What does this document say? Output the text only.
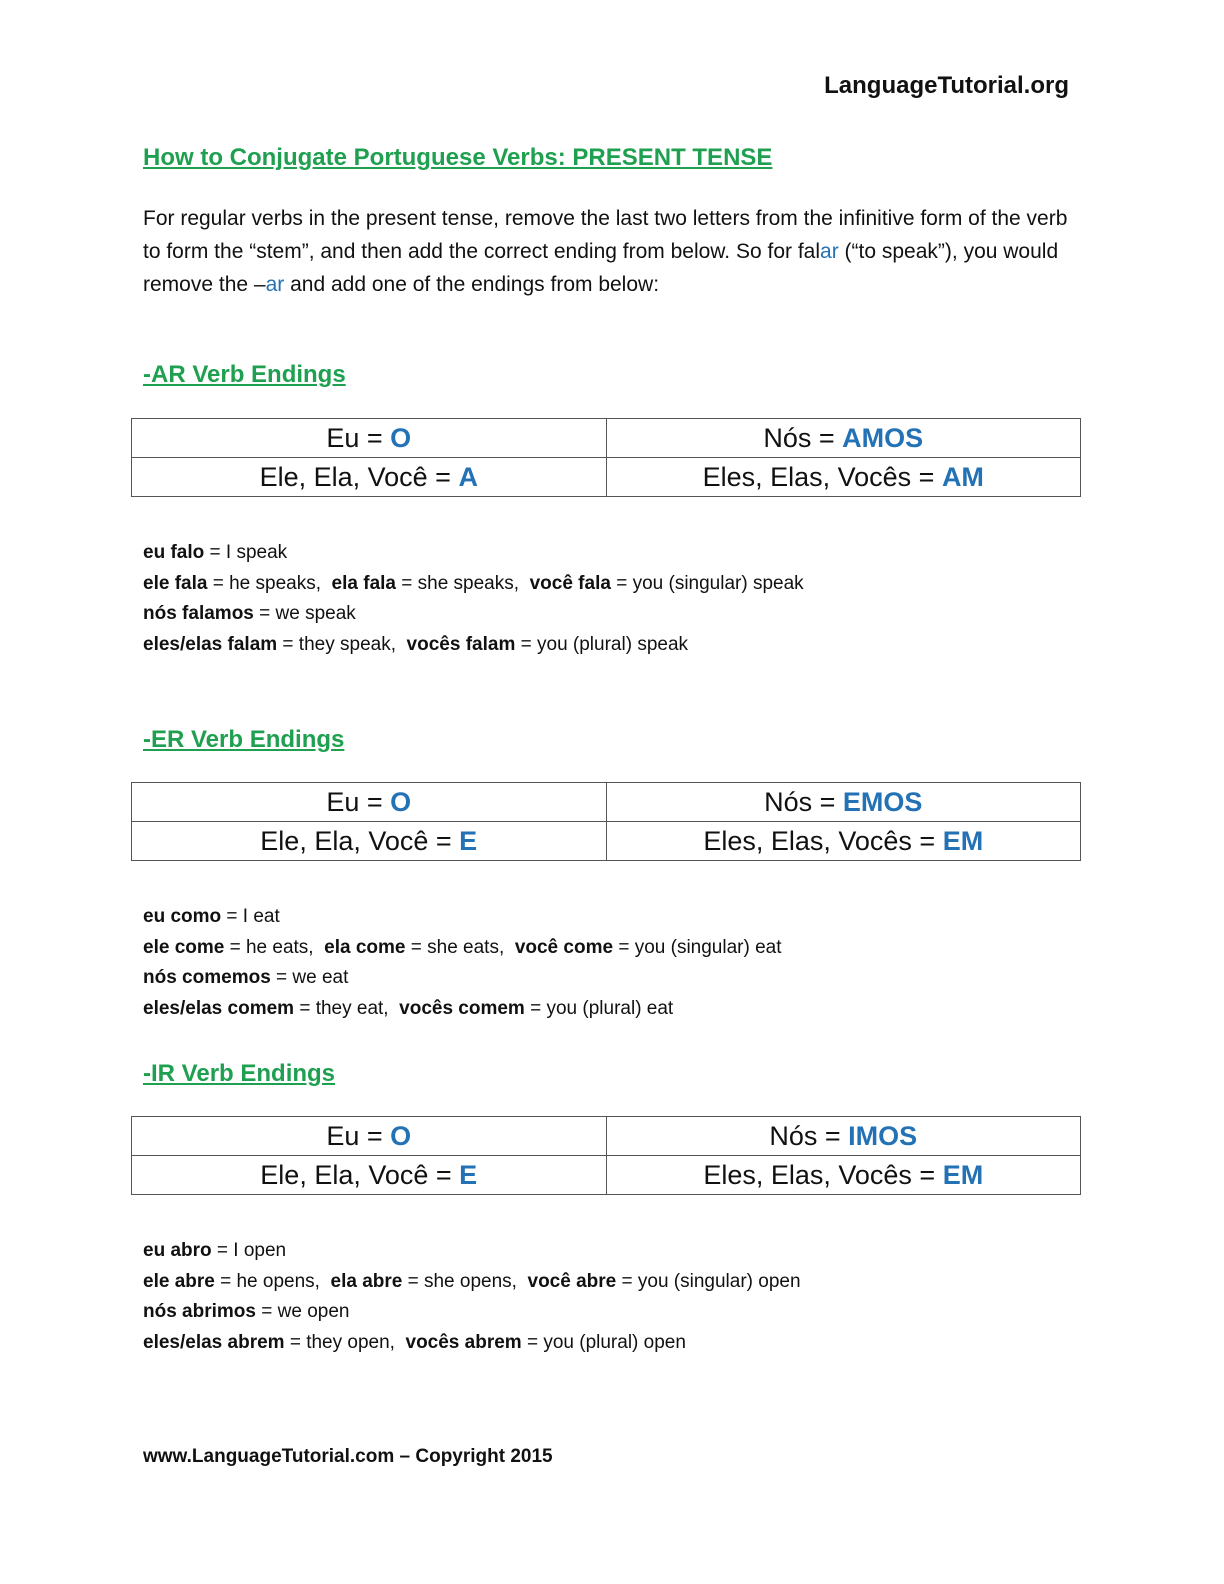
LanguageTutorial.org
How to Conjugate Portuguese Verbs: PRESENT TENSE

For regular verbs in the present tense, remove the last two letters from the infinitive form of the verb to form the “stem”, and then add the correct ending from below. So for falar (“to speak”), you would remove the –ar and add one of the endings from below:

-AR Verb Endings
Eu = O	Nós = AMOS
Ele, Ela, Você = A	Eles, Elas, Vocês = AM
eu falo = I speak
ele fala = he speaks,  ela fala = she speaks,  você fala = you (singular) speak
nós falamos = we speak
eles/elas falam = they speak,  vocês falam = you (plural) speak
-ER Verb Endings
Eu = O	Nós = EMOS
Ele, Ela, Você = E	Eles, Elas, Vocês = EM
eu como = I eat
ele come = he eats,  ela come = she eats,  você come = you (singular) eat
nós comemos = we eat
eles/elas comem = they eat,  vocês comem = you (plural) eat
-IR Verb Endings
Eu = O	Nós = IMOS
Ele, Ela, Você = E	Eles, Elas, Vocês = EM
eu abro = I open
ele abre = he opens,  ela abre = she opens,  você abre = you (singular) open
nós abrimos = we open
eles/elas abrem = they open,  vocês abrem = you (plural) open
www.LanguageTutorial.com – Copyright 2015
